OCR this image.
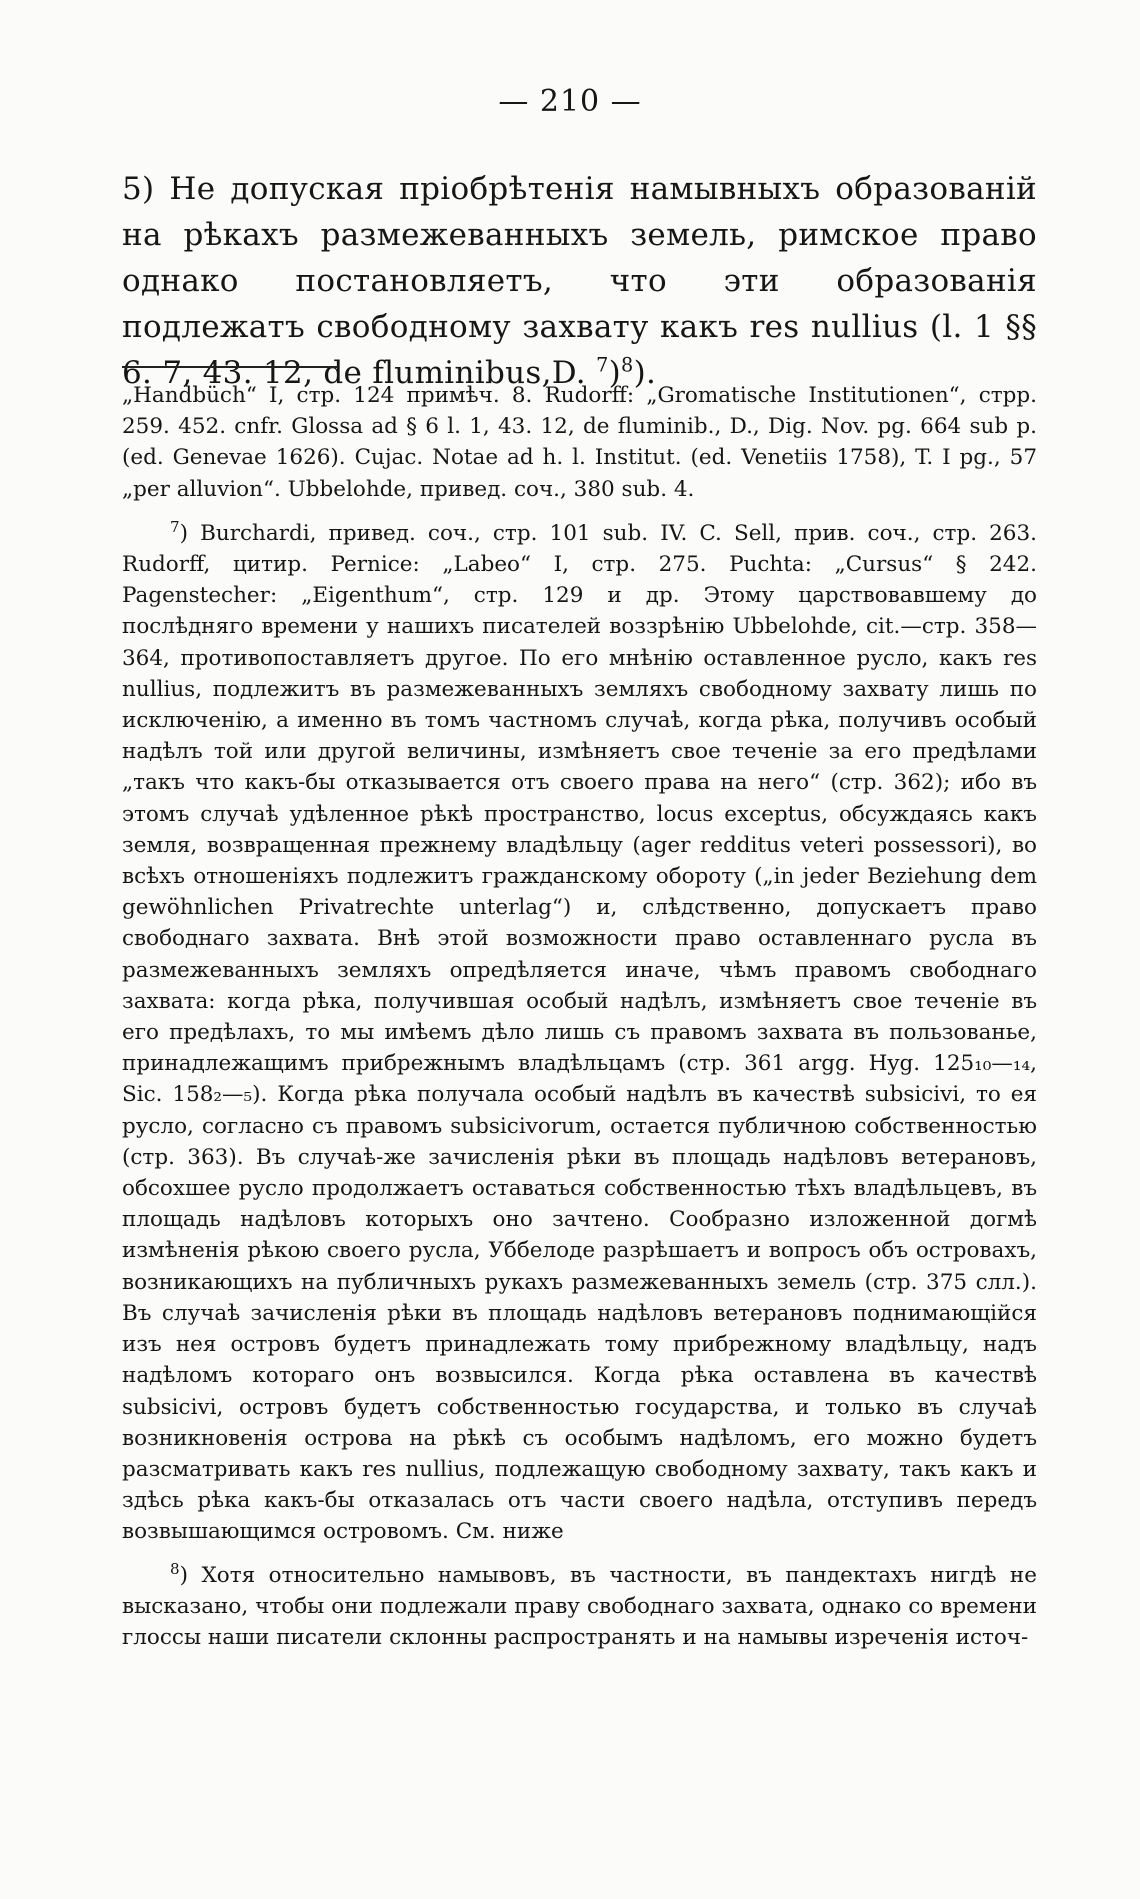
— 210 —
5) Не допуская пріобрѣтенія намывныхъ образованій на рѣкахъ размежеванныхъ земель, римское право однако постановляетъ, что эти образованія подлежатъ свободному захвату какъ res nullius (l. 1 §§ 6. 7, 43. 12, de fluminibus,D. $^7$)$^8$).

„Handbüch“ I, стр. 124 примѣч. 8. Rudorff: „Gromatische Institutionen“, стрр. 259. 452. cnfr. Glossa ad § 6 l. 1, 43. 12, de fluminib., D., Dig. Nov. pg. 664 sub p. (ed. Genevae 1626). Cujac. Notae ad h. l. Institut. (ed. Venetiis 1758), T. I pg., 57 „per alluvion“. Ubbelohde, привед. соч., 380 sub. 4.

$^7$) Burchardi, привед. соч., стр. 101 sub. IV. C. Sell, прив. соч., стр. 263. Rudorff, цитир. Pernice: „Labeo“ I, стр. 275. Puchta: „Cursus“ § 242. Pagenstecher: „Eigenthum“, стр. 129 и др. Этому царствовавшему до послѣдняго времени у нашихъ писателей воззрѣнію Ubbelohde, cit.—стр. 358—364, противопоставляетъ другое. По его мнѣнію оставленное русло, какъ res nullius, подлежитъ въ размежеванныхъ земляхъ свободному захвату лишь по исключенію, а именно въ томъ частномъ случаѣ, когда рѣка, получивъ особый надѣлъ той или другой величины, измѣняетъ свое теченіе за его предѣлами „такъ что какъ-бы отказывается отъ своего права на него“ (стр. 362); ибо въ этомъ случаѣ удѣленное рѣкѣ пространство, locus exceptus, обсуждаясь какъ земля, возвращенная прежнему владѣльцу (ager redditus veteri possessori), во всѣхъ отношеніяхъ подлежитъ гражданскому обороту („in jeder Beziehung dem gewöhnlichen Privatrechte unterlag“) и, слѣдственно, допускаетъ право свободнаго захвата. Внѣ этой возможности право оставленнаго русла въ размежеванныхъ земляхъ опредѣляется иначе, чѣмъ правомъ свободнаго захвата: когда рѣка, получившая особый надѣлъ, измѣняетъ свое теченіе въ его предѣлахъ, то мы имѣемъ дѣло лишь съ правомъ захвата въ пользованье, принадлежащимъ прибрежнымъ владѣльцамъ (стр. 361 argg. Hyg. 125₁₀—₁₄, Sic. 158₂—₅). Когда рѣка получала особый надѣлъ въ качествѣ subsicivi, то ея русло, согласно съ правомъ subsicivorum, остается публичною собственностью (стр. 363). Въ случаѣ-же зачисленія рѣки въ площадь надѣловъ ветерановъ, обсохшее русло продолжаетъ оставаться собственностью тѣхъ владѣльцевъ, въ площадь надѣловъ которыхъ оно зачтено. Сообразно изложенной догмѣ измѣненія рѣкою своего русла, Уббелоде разрѣшаетъ и вопросъ объ островахъ, возникающихъ на публичныхъ рукахъ размежеванныхъ земель (стр. 375 слл.). Въ случаѣ зачисленія рѣки въ площадь надѣловъ ветерановъ поднимающійся изъ нея островъ будетъ принадлежать тому прибрежному владѣльцу, надъ надѣломъ котораго онъ возвысился. Когда рѣка оставлена въ качествѣ subsicivi, островъ будетъ собственностью государства, и только въ случаѣ возникновенія острова на рѣкѣ съ особымъ надѣломъ, его можно будетъ разсматривать какъ res nullius, подлежащую свободному захвату, такъ какъ и здѣсь рѣка какъ-бы отказалась отъ части своего надѣла, отступивъ передъ возвышающимся островомъ. См. ниже

$^8$) Хотя относительно намывовъ, въ частности, въ пандектахъ нигдѣ не высказано, чтобы они подлежали праву свободнаго захвата, однако со времени глоссы наши писатели склонны распространять и на намывы изреченія источ-
